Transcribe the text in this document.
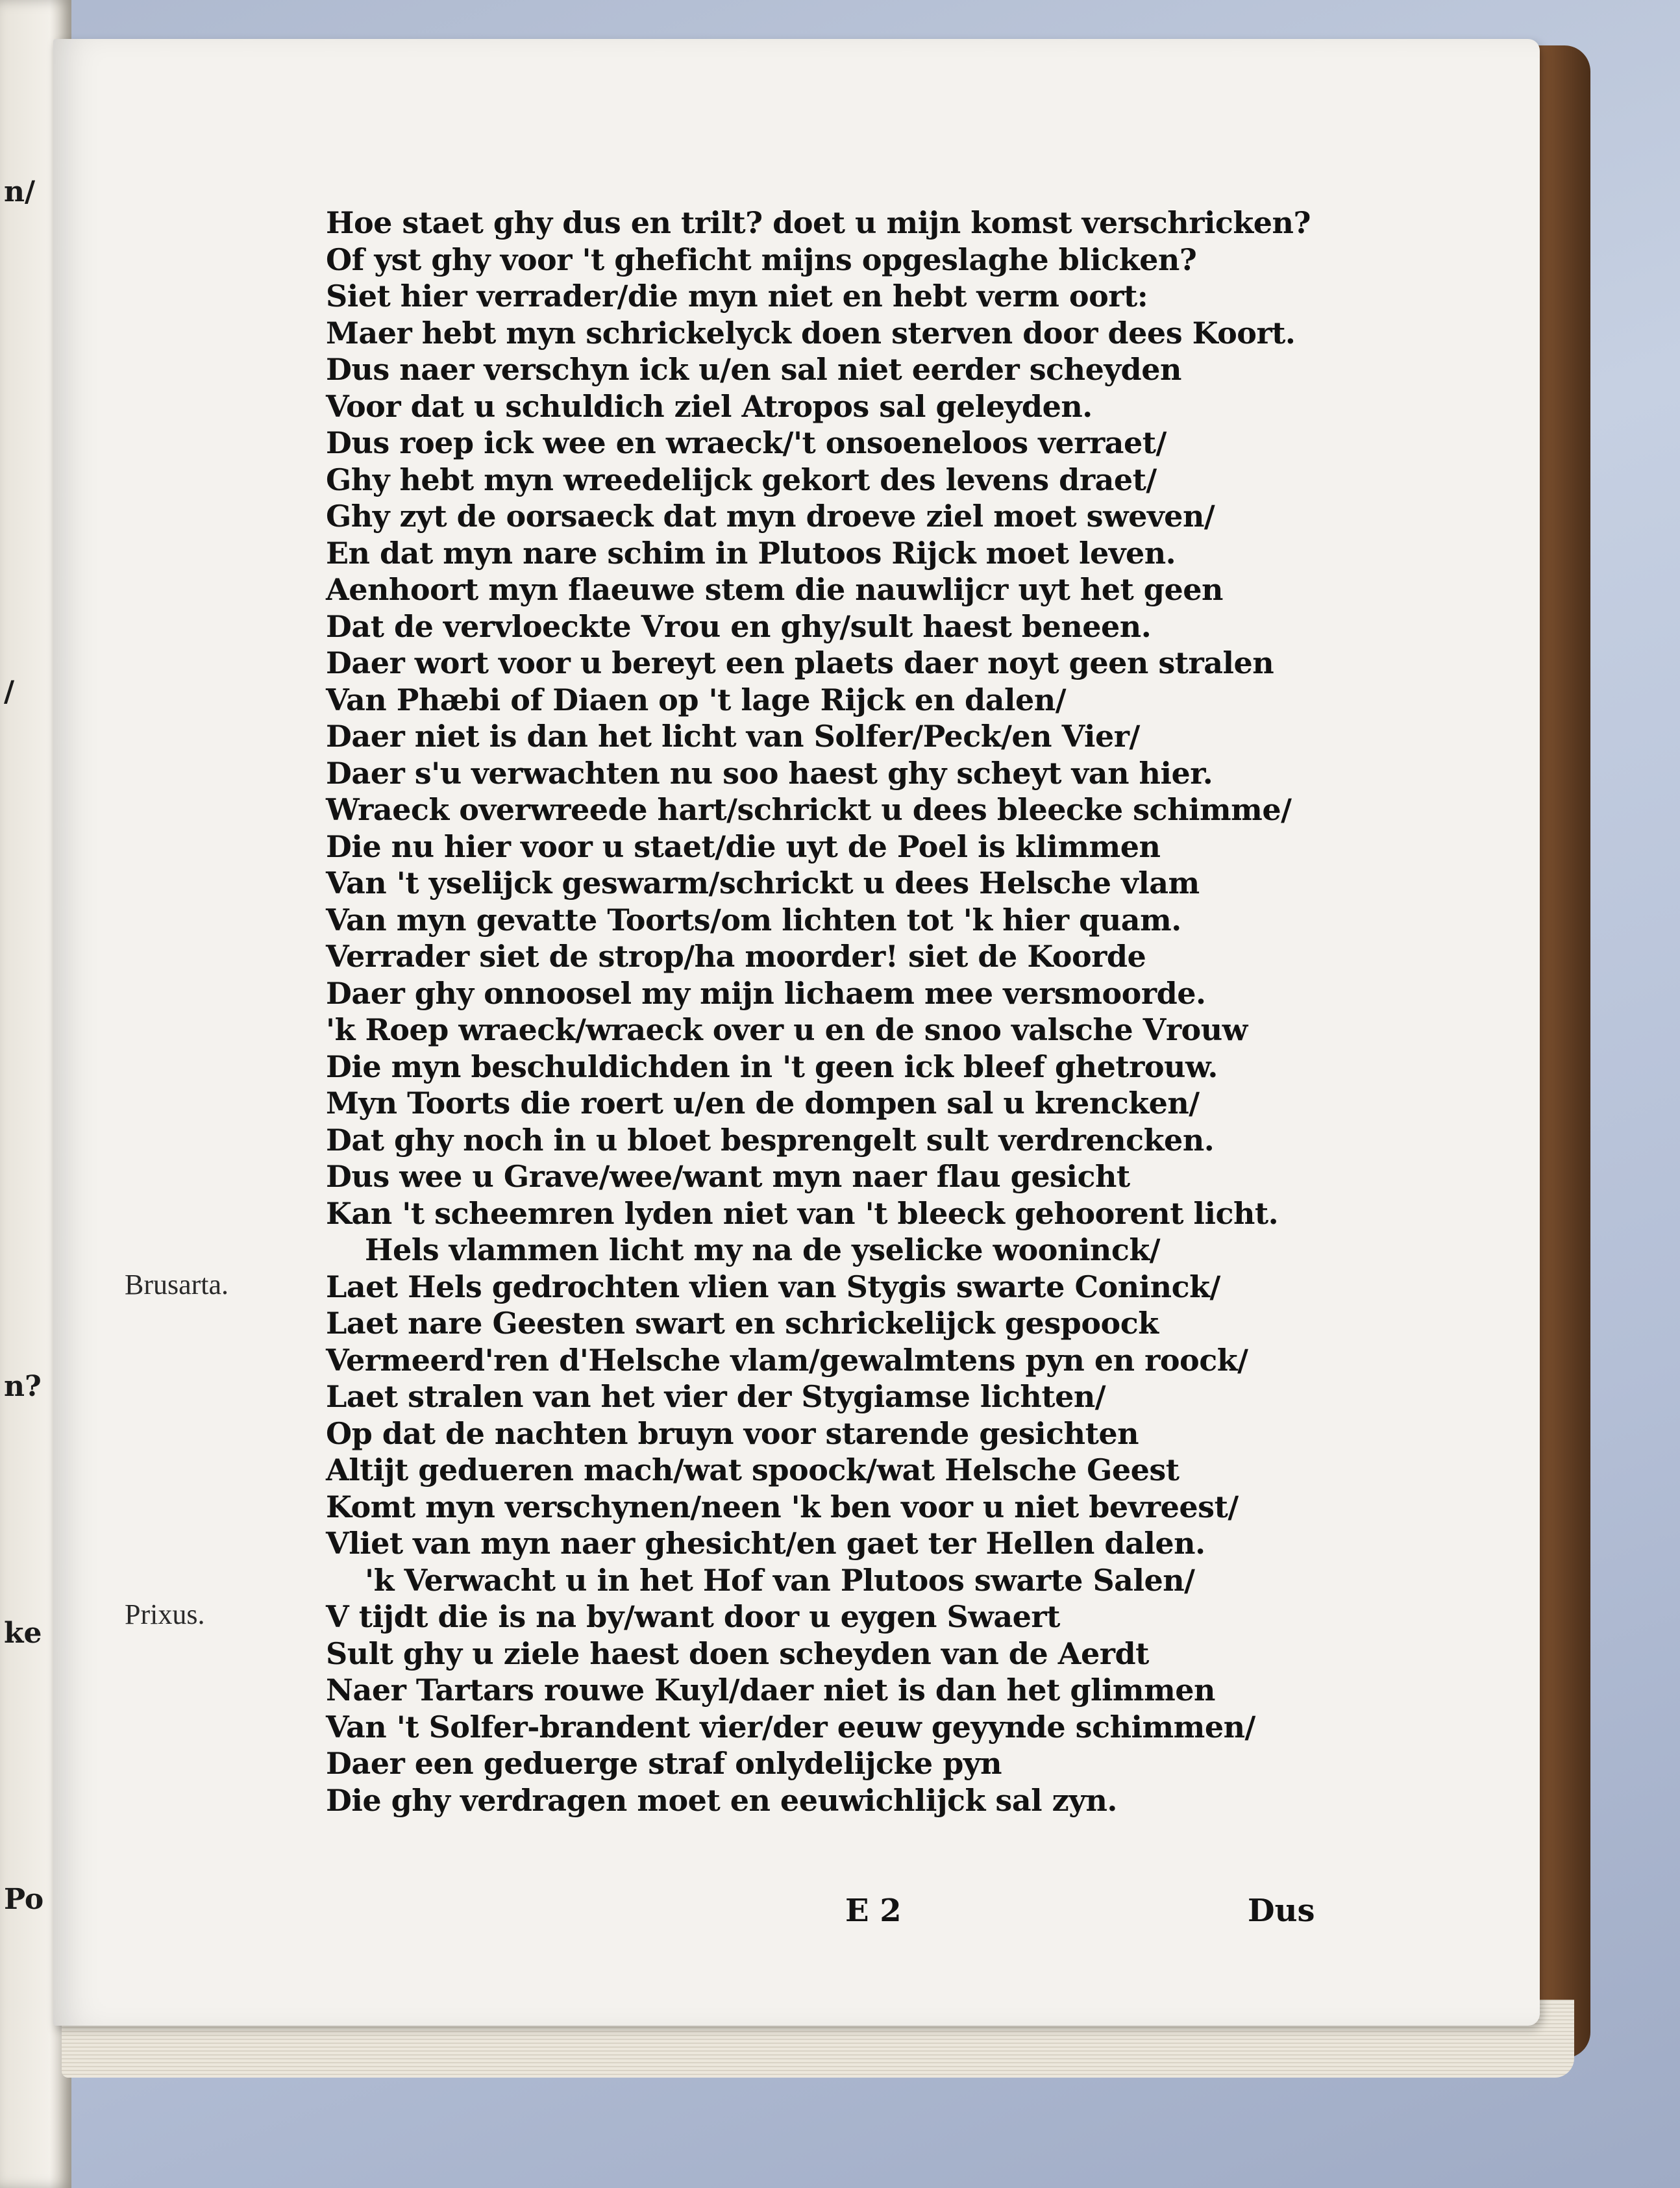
n/
/
n?
ke
Po
Hoe staet ghy dus en trilt? doet u mijn komst verschricken?
Of yst ghy voor 't gheficht mijns opgeslaghe blicken?
Siet hier verrader/die myn niet en hebt verm oort:
Maer hebt myn schrickelyck doen sterven door dees Koort.
Dus naer verschyn ick u/en sal niet eerder scheyden
Voor dat u schuldich ziel Atropos sal geleyden.
Dus roep ick wee en wraeck/'t onsoeneloos verraet/
Ghy hebt myn wreedelijck gekort des levens draet/
Ghy zyt de oorsaeck dat myn droeve ziel moet sweven/
En dat myn nare schim in Plutoos Rijck moet leven.
Aenhoort myn flaeuwe stem die nauwlijcr uyt het geen
Dat de vervloeckte Vrou en ghy/sult haest beneen.
Daer wort voor u bereyt een plaets daer noyt geen stralen
Van Phæbi of Diaen op 't lage Rijck en dalen/
Daer niet is dan het licht van Solfer/Peck/en Vier/
Daer s'u verwachten nu soo haest ghy scheyt van hier.
Wraeck overwreede hart/schrickt u dees bleecke schimme/
Die nu hier voor u staet/die uyt de Poel is klimmen
Van 't yselijck geswarm/schrickt u dees Helsche vlam
Van myn gevatte Toorts/om lichten tot 'k hier quam.
Verrader siet de strop/ha moorder! siet de Koorde
Daer ghy onnoosel my mijn lichaem mee versmoorde.
'k Roep wraeck/wraeck over u en de snoo valsche Vrouw
Die myn beschuldichden in 't geen ick bleef ghetrouw.
Myn Toorts die roert u/en de dompen sal u krencken/
Dat ghy noch in u bloet besprengelt sult verdrencken.
Dus wee u Grave/wee/want myn naer flau gesicht
Kan 't scheemren lyden niet van 't bleeck gehoorent licht.
Hels vlammen licht my na de yselicke wooninck/
Laet Hels gedrochten vlien van Stygis swarte Coninck/
Laet nare Geesten swart en schrickelijck gespoock
Vermeerd'ren d'Helsche vlam/gewalmtens pyn en roock/
Laet stralen van het vier der Stygiamse lichten/
Op dat de nachten bruyn voor starende gesichten
Altijt gedueren mach/wat spoock/wat Helsche Geest
Komt myn verschynen/neen 'k ben voor u niet bevreest/
Vliet van myn naer ghesicht/en gaet ter Hellen dalen.
'k Verwacht u in het Hof van Plutoos swarte Salen/
V tijdt die is na by/want door u eygen Swaert
Sult ghy u ziele haest doen scheyden van de Aerdt
Naer Tartars rouwe Kuyl/daer niet is dan het glimmen
Van 't Solfer-brandent vier/der eeuw geyynde schimmen/
Daer een geduerge straf onlydelijcke pyn
Die ghy verdragen moet en eeuwichlijck sal zyn.
Brusarta.
Prixus.
E 2	Dus
